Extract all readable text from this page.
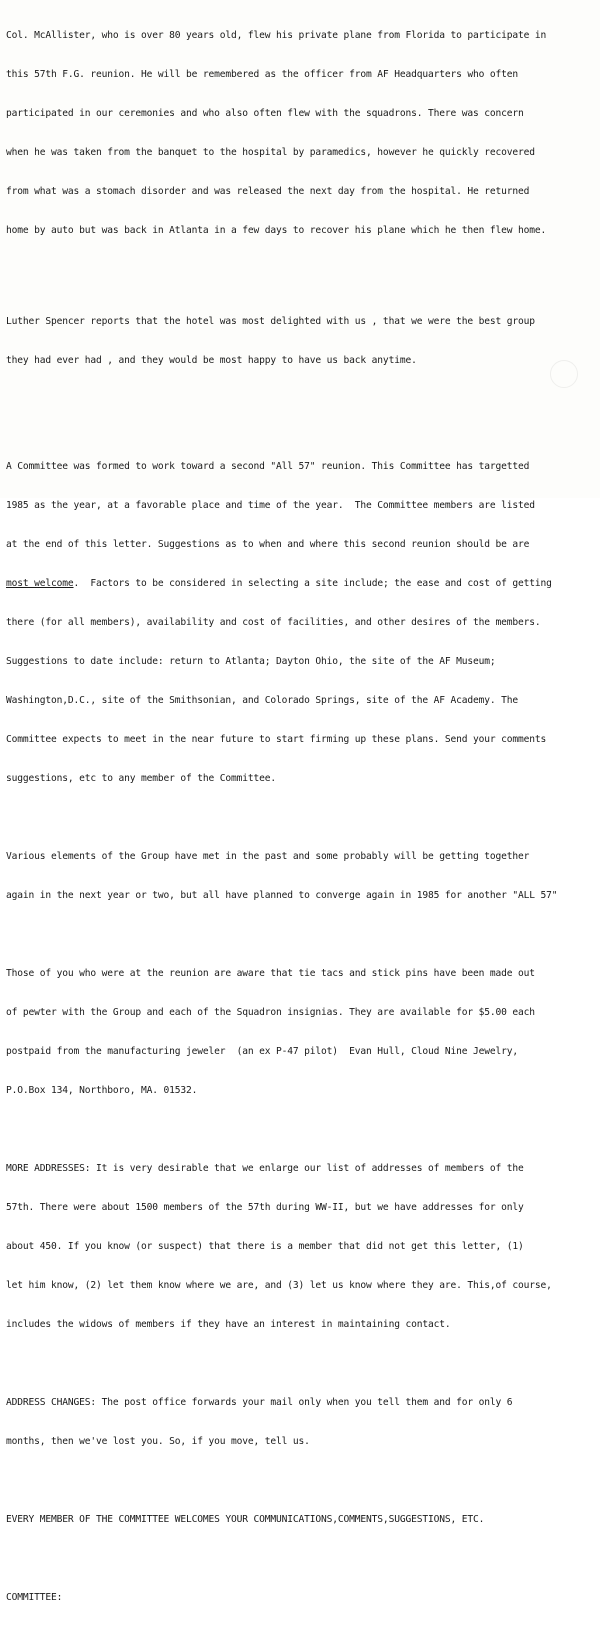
Col. McAllister, who is over 80 years old, flew his private plane from Florida to participate in

this 57th F.G. reunion. He will be remembered as the officer from AF Headquarters who often

participated in our ceremonies and who also often flew with the squadrons. There was concern

when he was taken from the banquet to the hospital by paramedics, however he quickly recovered

from what was a stomach disorder and was released the next day from the hospital. He returned

home by auto but was back in Atlanta in a few days to recover his plane which he then flew home.

Luther Spencer reports that the hotel was most delighted with us , that we were the best group

they had ever had , and they would be most happy to have us back anytime.

A Committee was formed to work toward a second "All 57" reunion. This Committee has targetted

1985 as the year, at a favorable place and time of the year.  The Committee members are listed

at the end of this letter. Suggestions as to when and where this second reunion should be are

most welcome.  Factors to be considered in selecting a site include; the ease and cost of getting

there (for all members), availability and cost of facilities, and other desires of the members.

Suggestions to date include: return to Atlanta; Dayton Ohio, the site of the AF Museum;

Washington,D.C., site of the Smithsonian, and Colorado Springs, site of the AF Academy. The

Committee expects to meet in the near future to start firming up these plans. Send your comments

suggestions, etc to any member of the Committee.

Various elements of the Group have met in the past and some probably will be getting together

again in the next year or two, but all have planned to converge again in 1985 for another "ALL 57"

Those of you who were at the reunion are aware that tie tacs and stick pins have been made out

of pewter with the Group and each of the Squadron insignias. They are available for $5.00 each

postpaid from the manufacturing jeweler  (an ex P-47 pilot)  Evan Hull, Cloud Nine Jewelry,

P.O.Box 134, Northboro, MA. 01532.

MORE ADDRESSES: It is very desirable that we enlarge our list of addresses of members of the

57th. There were about 1500 members of the 57th during WW-II, but we have addresses for only

about 450. If you know (or suspect) that there is a member that did not get this letter, (1)

let him know, (2) let them know where we are, and (3) let us know where they are. This,of course,

includes the widows of members if they have an interest in maintaining contact.

ADDRESS CHANGES: The post office forwards your mail only when you tell them and for only 6

months, then we've lost you. So, if you move, tell us.

EVERY MEMBER OF THE COMMITTEE WELCOMES YOUR COMMUNICATIONS,COMMENTS,SUGGESTIONS, ETC.

COMMITTEE:
